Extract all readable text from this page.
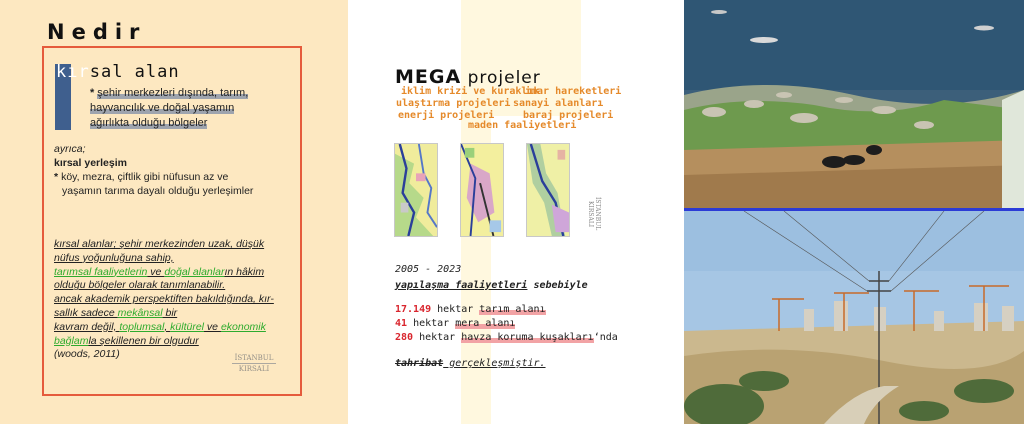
Nedir
kırsal alan
* şehir merkezleri dışında, tarım,
hayvancılık ve doğal yaşamın
ağırlıkta olduğu bölgeler
ayrıca;
kırsal yerleşim
* köy, mezra, çiftlik gibi nüfusun az ve
yaşamın tarıma dayalı olduğu yerleşimler
kırsal alanlar; şehir merkezinden uzak, düşük
nüfus yoğunluğuna sahip,
tarımsal faaliyetlerin ve doğal alanların hâkim
olduğu bölgeler olarak tanımlanabilir.
ancak akademik perspektiften bakıldığında, kır-
sallık sadece mekânsal bir
kavram değil, toplumsal, kültürel ve ekonomik
bağlamla şekillenen bir olgudur
(woods, 2011)	İSTANBUL
KIRSALI
MEGA projeler
iklim krizi ve kuraklık
imar hareketleri
ulaştırma projeleri sanayi alanları
enerji projeleri	baraj projeleri
maden faaliyetleri
İSTANBUL KIRSALI
2005 - 2023
yapılaşma faaliyetleri sebebiyle
17.149 hektar tarım alanı
41 hektar mera alanı
280 hektar havza koruma kuşakları‘nda
tahribat gerçekleşmiştir.
